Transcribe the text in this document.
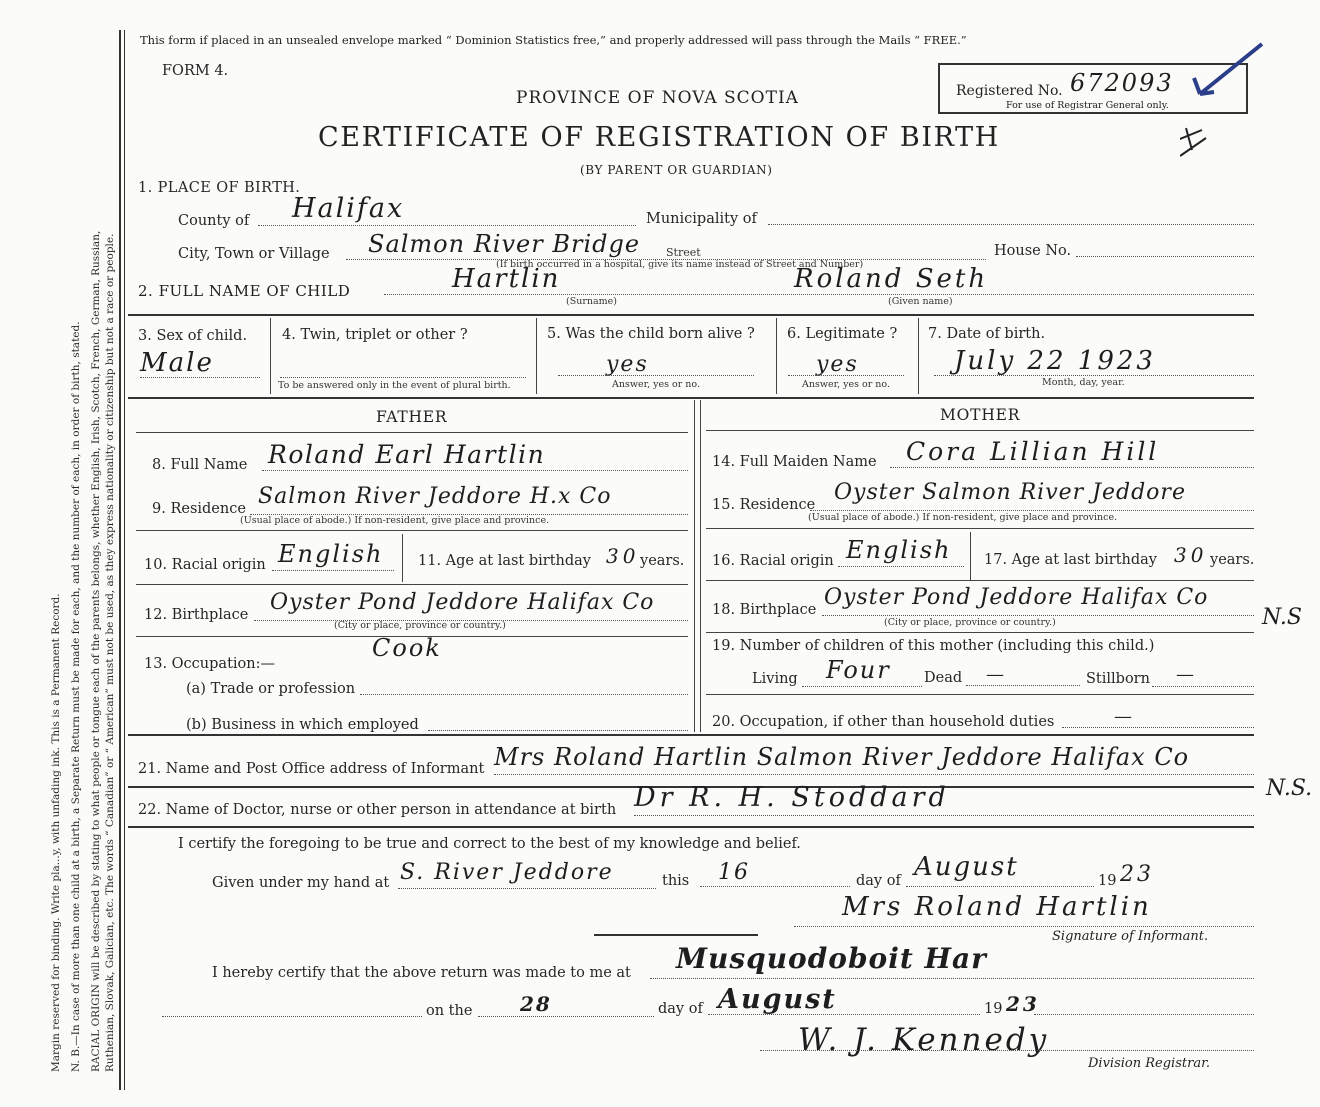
Margin reserved for binding. Write pla...y, with unfading ink. This is a Permanent Record. N. B.—In case of more than one child at a birth, a Separate Return must be made for each, and the number of each, in order of birth, stated. RACIAL ORIGIN will be described by stating to what people or tongue each of the parents belongs, whether English, Irish, Scotch, French, German, Russian, Ruthenian, Slovak, Galician, etc. The words “ Canadian” or “ American” must not be used, as they express nationality or citizenship but not a race or people.
This form if placed in an unsealed envelope marked “ Dominion Statistics free,” and properly addressed will pass through the Mails “ FREE.”
FORM 4.
PROVINCE OF NOVA SCOTIA
CERTIFICATE OF REGISTRATION OF BIRTH
(BY PARENT OR GUARDIAN)
Registered No. 672093
For use of Registrar General only.
1. PLACE OF BIRTH.
County of Halifax	Municipality of
City, Town or Village Salmon River Bridge Street
(If birth occurred in a hospital, give its name instead of Street and Number)
House No.
2. FULL NAME OF CHILD	Hartlin	Roland Seth
(Surname)	(Given name)
3. Sex of child.
Male
4. Twin, triplet or other ?
To be answered only in the event of plural birth.
5. Was the child born alive ?
yes
Answer, yes or no.
6. Legitimate ?
yes
Answer, yes or no.
7. Date of birth.
July 22 1923
Month, day, year.
FATHER
8. Full Name Roland Earl Hartlin
9. Residence Salmon River Jeddore H.x Co
(Usual place of abode.) If non-resident, give place and province.
10. Racial origin English 11. Age at last birthday 30 years.
12. Birthplace Oyster Pond Jeddore Halifax Co
(City or place, province or country.)
13. Occupation:—
Cook
(a) Trade or profession
(b) Business in which employed
MOTHER
14. Full Maiden Name Cora Lillian Hill
15. Residence Oyster Salmon River Jeddore
(Usual place of abode.) If non-resident, give place and province.
16. Racial origin English 17. Age at last birthday 30 years.
18. Birthplace Oyster Pond Jeddore Halifax Co
N.S
(City or place, province or country.)
19. Number of children of this mother (including this child.)
Living Four Dead —	Stillborn —
20. Occupation, if other than household duties	—
21. Name and Post Office address of Informant Mrs Roland Hartlin Salmon River Jeddore Halifax Co
N.S.
22. Name of Doctor, nurse or other person in attendance at birth Dr R. H. Stoddard
I certify the foregoing to be true and correct to the best of my knowledge and belief.
Given under my hand at S. River Jeddore	this 16	day of August	19 23
Mrs Roland Hartlin
Signature of Informant.
I hereby certify that the above return was made to me at Musquodoboit Har
on the 28	day of August	19 23
W. J. Kennedy
Division Registrar.
